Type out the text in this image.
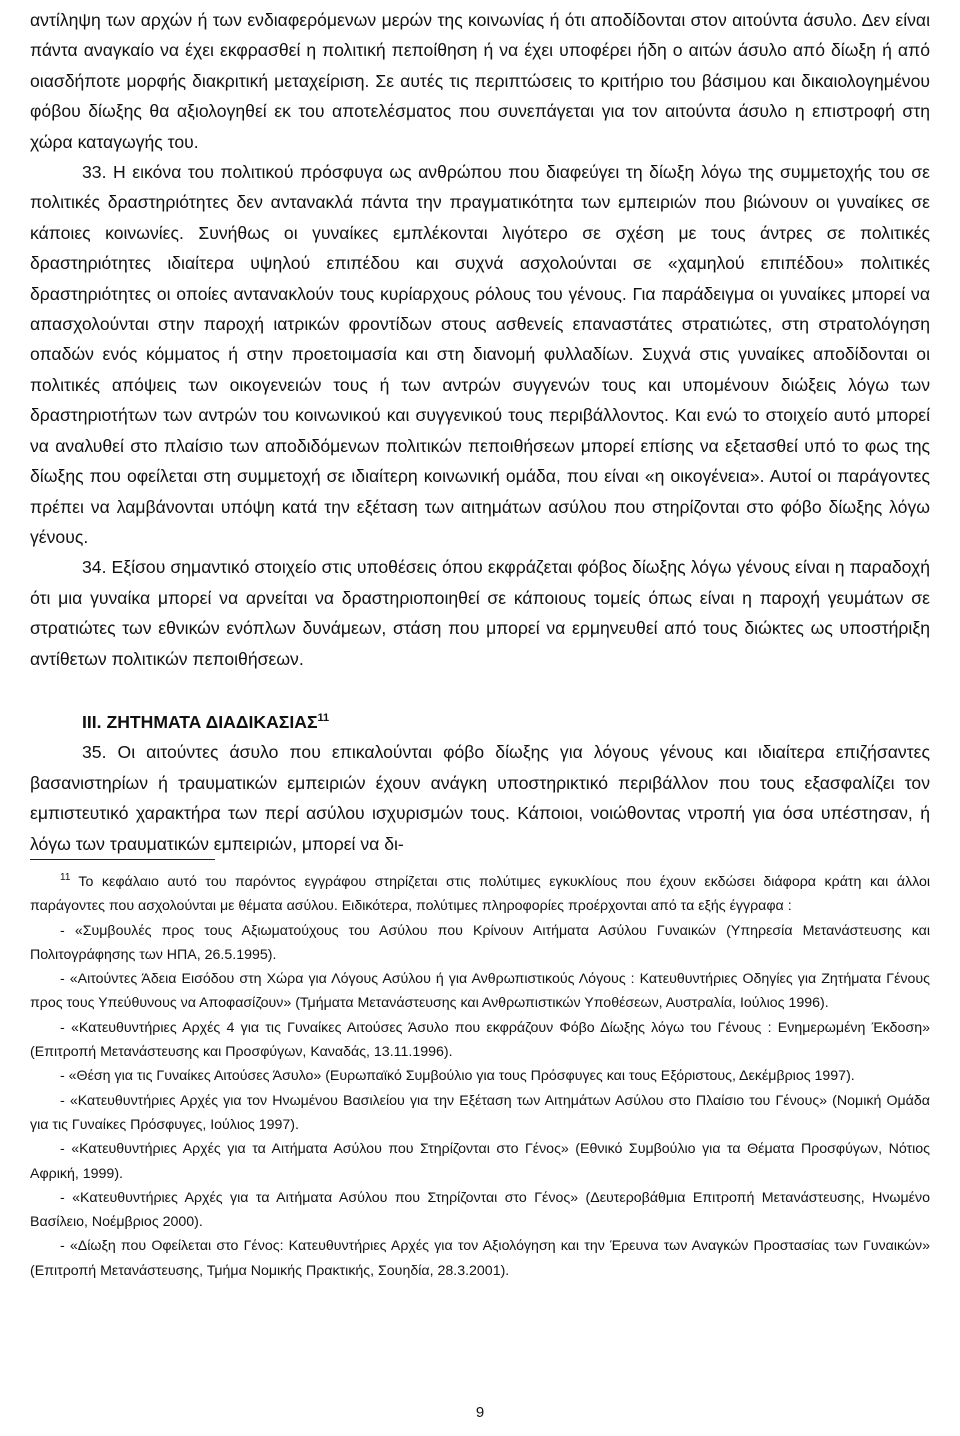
αντίληψη των αρχών ή των ενδιαφερόμενων μερών της κοινωνίας ή ότι αποδίδονται στον αιτούντα άσυλο. Δεν είναι πάντα αναγκαίο να έχει εκφρασθεί η πολιτική πεποίθηση ή να έχει υποφέρει ήδη ο αιτών άσυλο από δίωξη ή από οιασδήποτε μορφής διακριτική μεταχείριση. Σε αυτές τις περιπτώσεις το κριτήριο του βάσιμου και δικαιολογημένου φόβου δίωξης θα αξιολογηθεί εκ του αποτελέσματος που συνεπάγεται για τον αιτούντα άσυλο η επιστροφή στη χώρα καταγωγής του.

33. Η εικόνα του πολιτικού πρόσφυγα ως ανθρώπου που διαφεύγει τη δίωξη λόγω της συμμετοχής του σε πολιτικές δραστηριότητες δεν αντανακλά πάντα την πραγματικότητα των εμπειριών που βιώνουν οι γυναίκες σε κάποιες κοινωνίες. Συνήθως οι γυναίκες εμπλέκονται λιγότερο σε σχέση με τους άντρες σε πολιτικές δραστηριότητες ιδιαίτερα υψηλού επιπέδου και συχνά ασχολούνται σε «χαμηλού επιπέδου» πολιτικές δραστηριότητες οι οποίες αντανακλούν τους κυρίαρχους ρόλους του γένους. Για παράδειγμα οι γυναίκες μπορεί να απασχολούνται στην παροχή ιατρικών φροντίδων στους ασθενείς επαναστάτες στρατιώτες, στη στρατολόγηση οπαδών ενός κόμματος ή στην προετοιμασία και στη διανομή φυλλαδίων. Συχνά στις γυναίκες αποδίδονται οι πολιτικές απόψεις των οικογενειών τους ή των αντρών συγγενών τους και υπομένουν διώξεις λόγω των δραστηριοτήτων των αντρών του κοινωνικού και συγγενικού τους περιβάλλοντος. Και ενώ το στοιχείο αυτό μπορεί να αναλυθεί στο πλαίσιο των αποδιδόμενων πολιτικών πεποιθήσεων μπορεί επίσης να εξετασθεί υπό το φως της δίωξης που οφείλεται στη συμμετοχή σε ιδιαίτερη κοινωνική ομάδα, που είναι «η οικογένεια». Αυτοί οι παράγοντες πρέπει να λαμβάνονται υπόψη κατά την εξέταση των αιτημάτων ασύλου που στηρίζονται στο φόβο δίωξης λόγω γένους.

34. Εξίσου σημαντικό στοιχείο στις υποθέσεις όπου εκφράζεται φόβος δίωξης λόγω γένους είναι η παραδοχή ότι μια γυναίκα μπορεί να αρνείται να δραστηριοποιηθεί σε κάποιους τομείς όπως είναι η παροχή γευμάτων σε στρατιώτες των εθνικών ενόπλων δυνάμεων, στάση που μπορεί να ερμηνευθεί από τους διώκτες ως υποστήριξη αντίθετων πολιτικών πεποιθήσεων.

III. ΖΗΤΗΜΑΤΑ ΔΙΑΔΙΚΑΣΙΑΣ$^{11}$

35. Οι αιτούντες άσυλο που επικαλούνται φόβο δίωξης για λόγους γένους και ιδιαίτερα επιζήσαντες βασανιστηρίων ή τραυματικών εμπειριών έχουν ανάγκη υποστηρικτικό περιβάλλον που τους εξασφαλίζει τον εμπιστευτικό χαρακτήρα των περί ασύλου ισχυρισμών τους. Κάποιοι, νοιώθοντας ντροπή για όσα υπέστησαν, ή λόγω των τραυματικών εμπειριών, μπορεί να δι-

$^{11}$ Το κεφάλαιο αυτό του παρόντος εγγράφου στηρίζεται στις πολύτιμες εγκυκλίους που έχουν εκδώσει διάφορα κράτη και άλλοι παράγοντες που ασχολούνται με θέματα ασύλου. Ειδικότερα, πολύτιμες πληροφορίες προέρχονται από τα εξής έγγραφα :

- «Συμβουλές προς τους Αξιωματούχους του Ασύλου που Κρίνουν Αιτήματα Ασύλου Γυναικών (Υπηρεσία Μετανάστευσης και Πολιτογράφησης των ΗΠΑ, 26.5.1995).

- «Αιτούντες Άδεια Εισόδου στη Χώρα για Λόγους Ασύλου ή για Ανθρωπιστικούς Λόγους : Κατευθυντήριες Οδηγίες για Ζητήματα Γένους προς τους Υπεύθυνους να Αποφασίζουν» (Τμήματα Μετανάστευσης και Ανθρωπιστικών Υποθέσεων, Αυστραλία, Ιούλιος 1996).

- «Κατευθυντήριες Αρχές 4 για τις Γυναίκες Αιτούσες Άσυλο που εκφράζουν Φόβο Δίωξης λόγω του Γένους : Ενημερωμένη Έκδοση» (Επιτροπή Μετανάστευσης και Προσφύγων, Καναδάς, 13.11.1996).

- «Θέση για τις Γυναίκες Αιτούσες Άσυλο» (Ευρωπαϊκό Συμβούλιο για τους Πρόσφυγες και τους Εξόριστους, Δεκέμβριος 1997).

- «Κατευθυντήριες Αρχές για τον Ηνωμένου Βασιλείου για την Εξέταση των Αιτημάτων Ασύλου στο Πλαίσιο του Γένους» (Νομική Ομάδα για τις Γυναίκες Πρόσφυγες, Ιούλιος 1997).

- «Κατευθυντήριες Αρχές για τα Αιτήματα Ασύλου που Στηρίζονται στο Γένος» (Εθνικό Συμβούλιο για τα Θέματα Προσφύγων, Νότιος Αφρική, 1999).

- «Κατευθυντήριες Αρχές για τα Αιτήματα Ασύλου που Στηρίζονται στο Γένος» (Δευτεροβάθμια Επιτροπή Μετανάστευσης, Ηνωμένο Βασίλειο, Νοέμβριος 2000).

- «Δίωξη που Οφείλεται στο Γένος: Κατευθυντήριες Αρχές για τον Αξιολόγηση και την Έρευνα των Αναγκών Προστασίας των Γυναικών» (Επιτροπή Μετανάστευσης, Τμήμα Νομικής Πρακτικής, Σουηδία, 28.3.2001).

9
